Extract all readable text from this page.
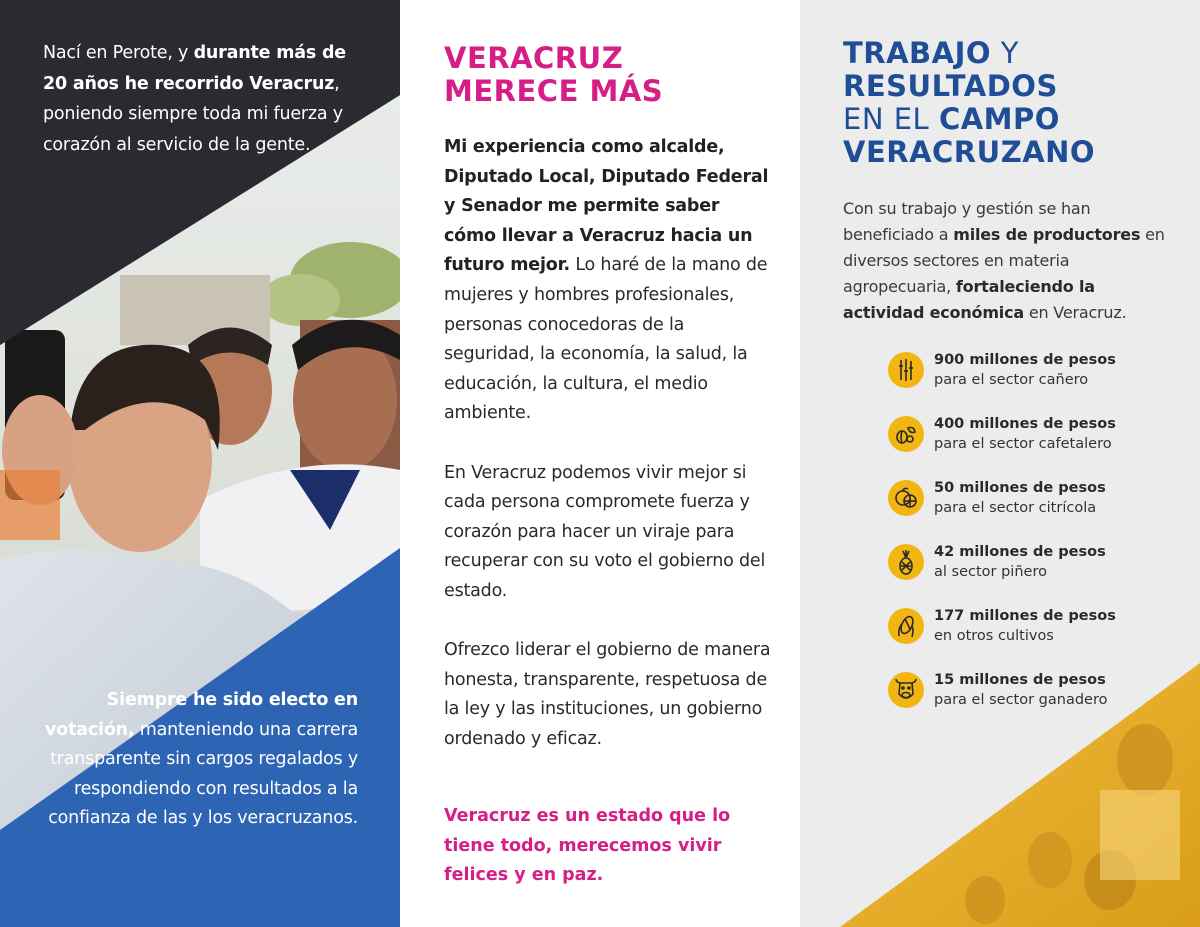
Nací en Perote, y durante más de 20 años he recorrido Veracruz, poniendo siempre toda mi fuerza y corazón al servicio de la gente.
Siempre he sido electo en votación, manteniendo una carrera transparente sin cargos regalados y respondiendo con resultados a la confianza de las y los veracruzanos.
VERACRUZ
MERECE MÁS

Mi experiencia como alcalde, Diputado Local, Diputado Federal y Senador me permite saber cómo llevar a Veracruz hacia un futuro mejor. Lo haré de la mano de mujeres y hombres profesionales, personas conocedoras de la seguridad, la economía, la salud, la educación, la cultura, el medio ambiente.

En Veracruz podemos vivir mejor si cada persona compromete fuerza y corazón para hacer un viraje para recuperar con su voto el gobierno del estado.

Ofrezco liderar el gobierno de manera honesta, transparente, respetuosa de la ley y las instituciones, un gobierno ordenado y eficaz.

Veracruz es un estado que lo tiene todo, merecemos vivir felices y en paz.
TRABAJO Y
RESULTADOS
EN EL CAMPO
VERACRUZANO
Con su trabajo y gestión se han beneficiado a miles de productores en diversos sectores en materia agropecuaria, fortaleciendo la actividad económica en Veracruz.
900 millones de pesos
para el sector cañero
400 millones de pesos
para el sector cafetalero
50 millones de pesos
para el sector citrícola
42 millones de pesos
al sector piñero
177 millones de pesos
en otros cultivos
15 millones de pesos
para el sector ganadero
